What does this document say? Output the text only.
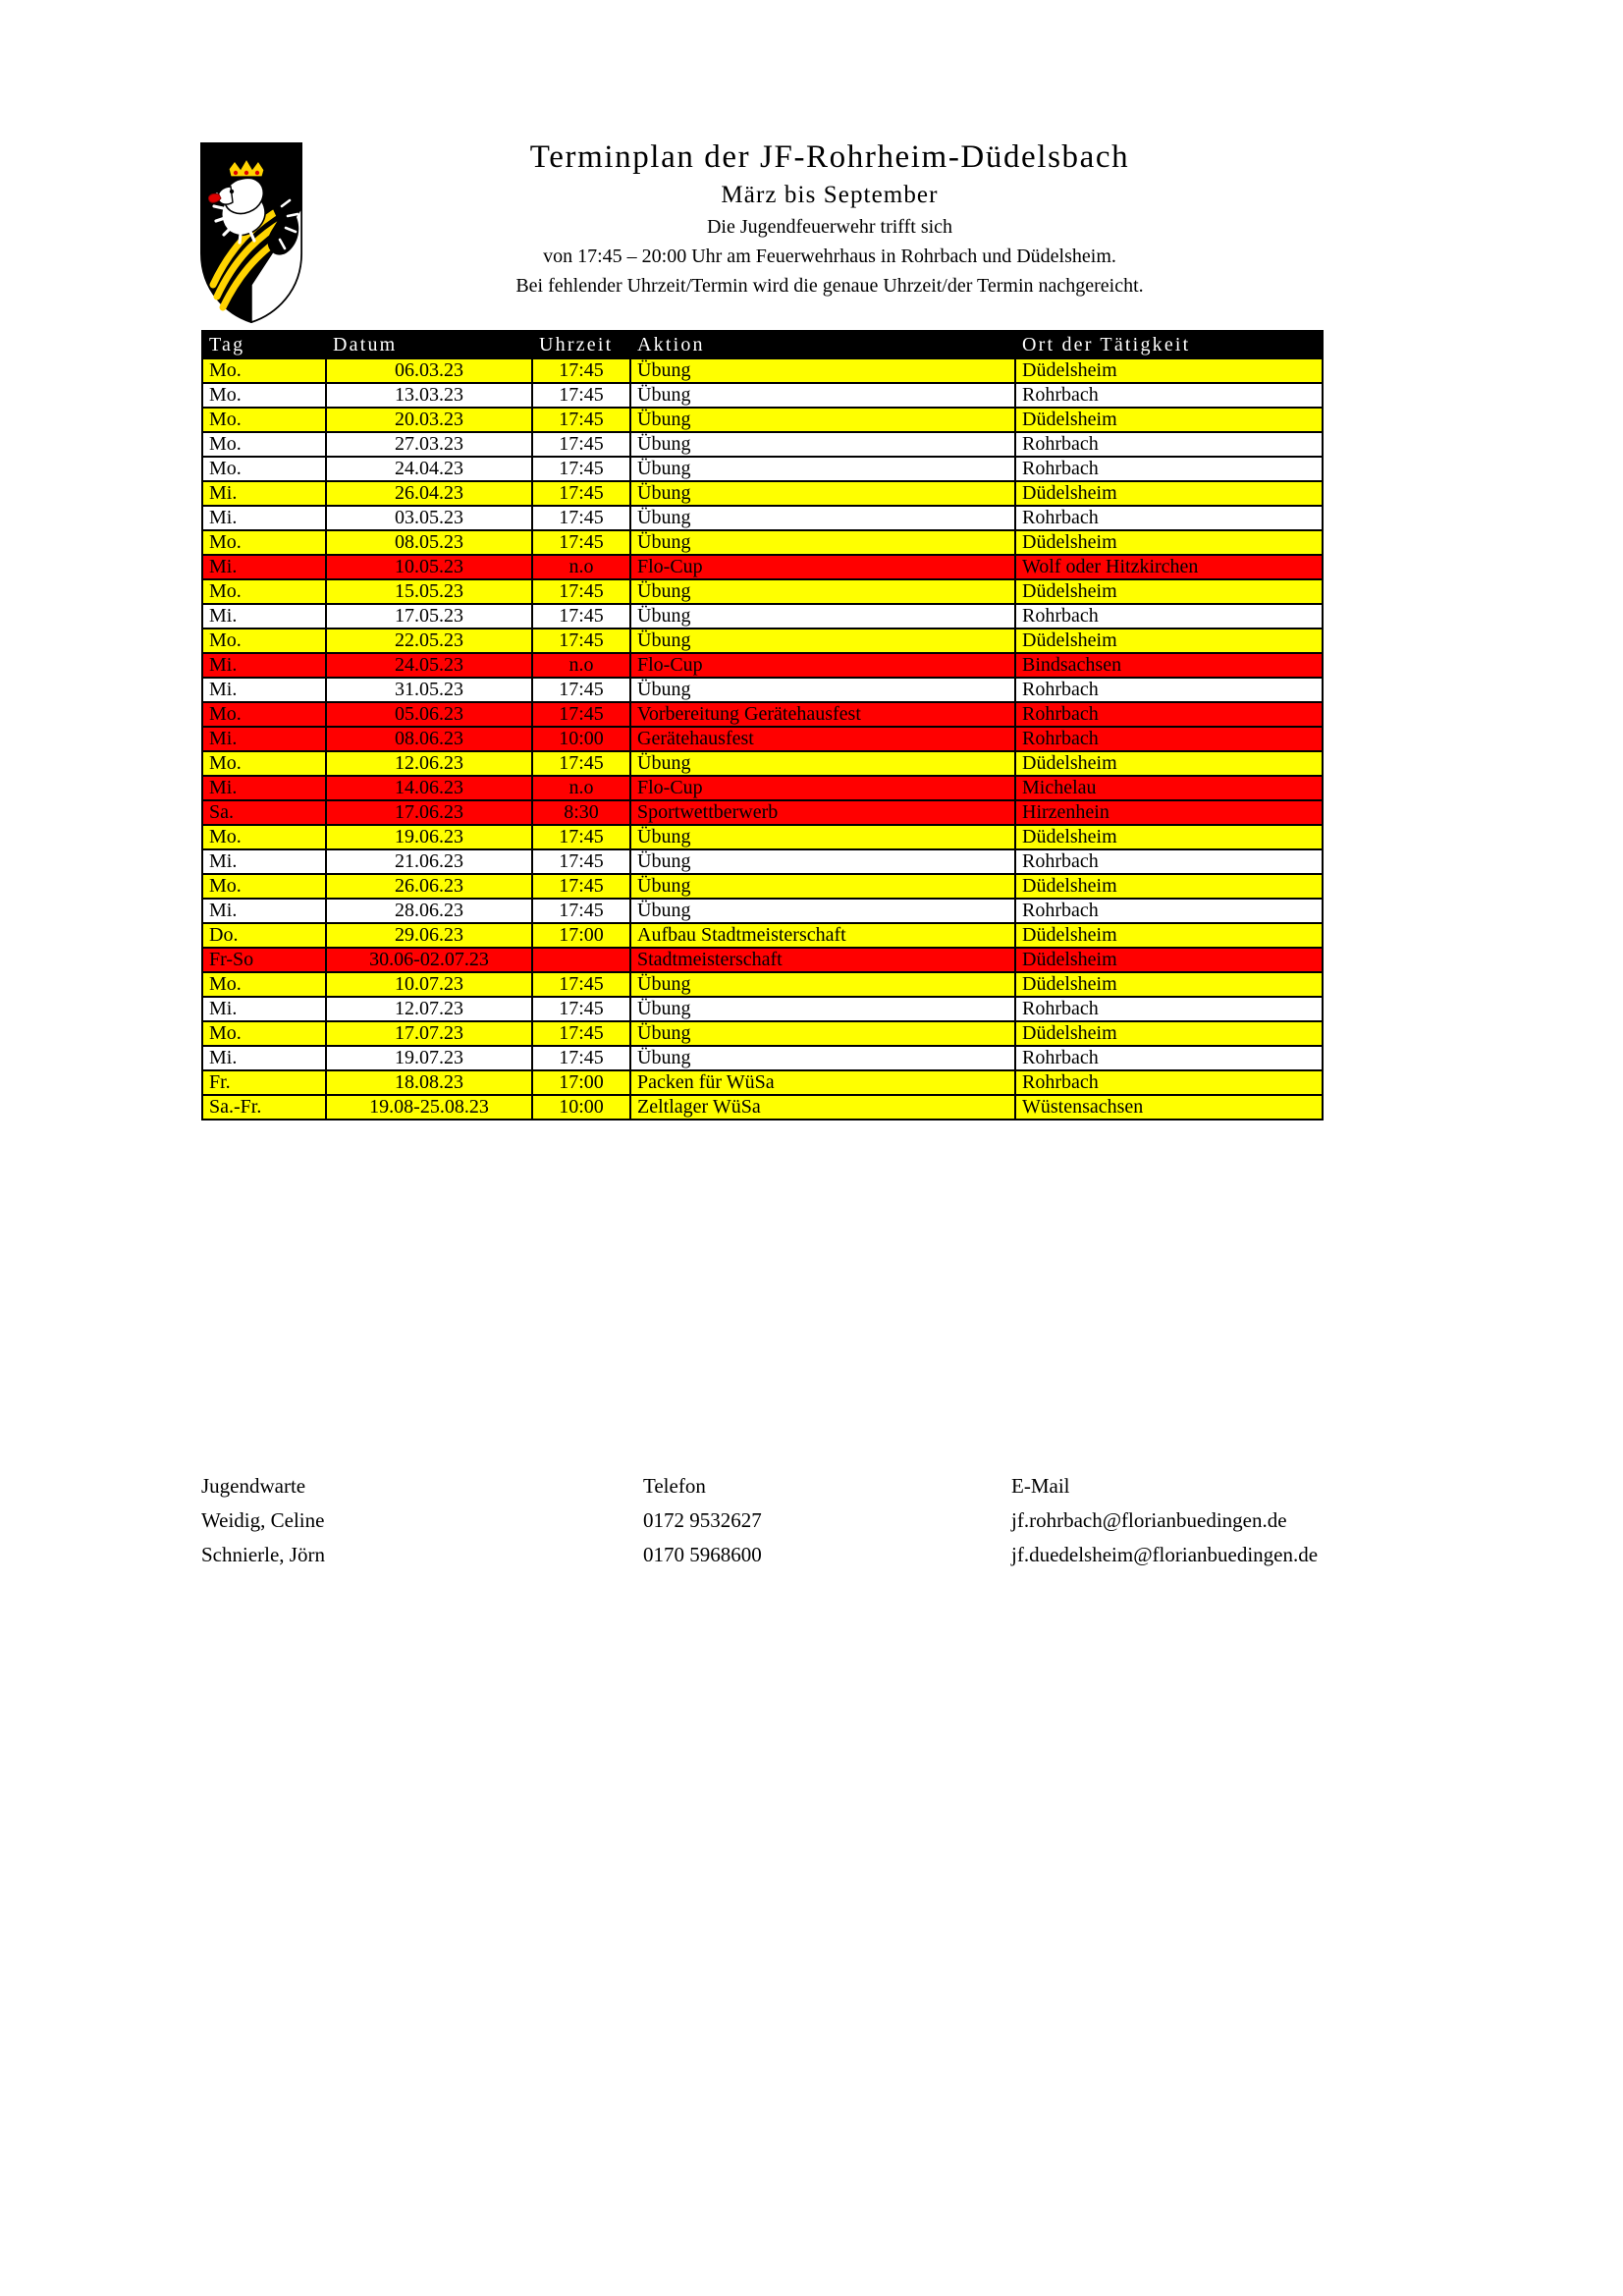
Terminplan der JF-Rohrheim-Düdelsbach
März bis September
Die Jugendfeuerwehr trifft sich
von 17:45 – 20:00 Uhr am Feuerwehrhaus in Rohrbach und Düdelsheim.
Bei fehlender Uhrzeit/Termin wird die genaue Uhrzeit/der Termin nachgereicht.
Tag	Datum	Uhrzeit	Aktion	Ort der Tätigkeit
Mo.	06.03.23	17:45	Übung	Düdelsheim
Mo.	13.03.23	17:45	Übung	Rohrbach
Mo.	20.03.23	17:45	Übung	Düdelsheim
Mo.	27.03.23	17:45	Übung	Rohrbach
Mo.	24.04.23	17:45	Übung	Rohrbach
Mi.	26.04.23	17:45	Übung	Düdelsheim
Mi.	03.05.23	17:45	Übung	Rohrbach
Mo.	08.05.23	17:45	Übung	Düdelsheim
Mi.	10.05.23	n.o	Flo-Cup	Wolf oder Hitzkirchen
Mo.	15.05.23	17:45	Übung	Düdelsheim
Mi.	17.05.23	17:45	Übung	Rohrbach
Mo.	22.05.23	17:45	Übung	Düdelsheim
Mi.	24.05.23	n.o	Flo-Cup	Bindsachsen
Mi.	31.05.23	17:45	Übung	Rohrbach
Mo.	05.06.23	17:45	Vorbereitung Gerätehausfest	Rohrbach
Mi.	08.06.23	10:00	Gerätehausfest	Rohrbach
Mo.	12.06.23	17:45	Übung	Düdelsheim
Mi.	14.06.23	n.o	Flo-Cup	Michelau
Sa.	17.06.23	8:30	Sportwettberwerb	Hirzenhein
Mo.	19.06.23	17:45	Übung	Düdelsheim
Mi.	21.06.23	17:45	Übung	Rohrbach
Mo.	26.06.23	17:45	Übung	Düdelsheim
Mi.	28.06.23	17:45	Übung	Rohrbach
Do.	29.06.23	17:00	Aufbau Stadtmeisterschaft	Düdelsheim
Fr-So	30.06-02.07.23		Stadtmeisterschaft	Düdelsheim
Mo.	10.07.23	17:45	Übung	Düdelsheim
Mi.	12.07.23	17:45	Übung	Rohrbach
Mo.	17.07.23	17:45	Übung	Düdelsheim
Mi.	19.07.23	17:45	Übung	Rohrbach
Fr.	18.08.23	17:00	Packen für WüSa	Rohrbach
Sa.-Fr.	19.08-25.08.23	10:00	Zeltlager WüSa	Wüstensachsen
Jugendwarte	Telefon	E-Mail
Weidig, Celine	0172 9532627	jf.rohrbach@florianbuedingen.de
Schnierle, Jörn	0170 5968600	jf.duedelsheim@florianbuedingen.de
